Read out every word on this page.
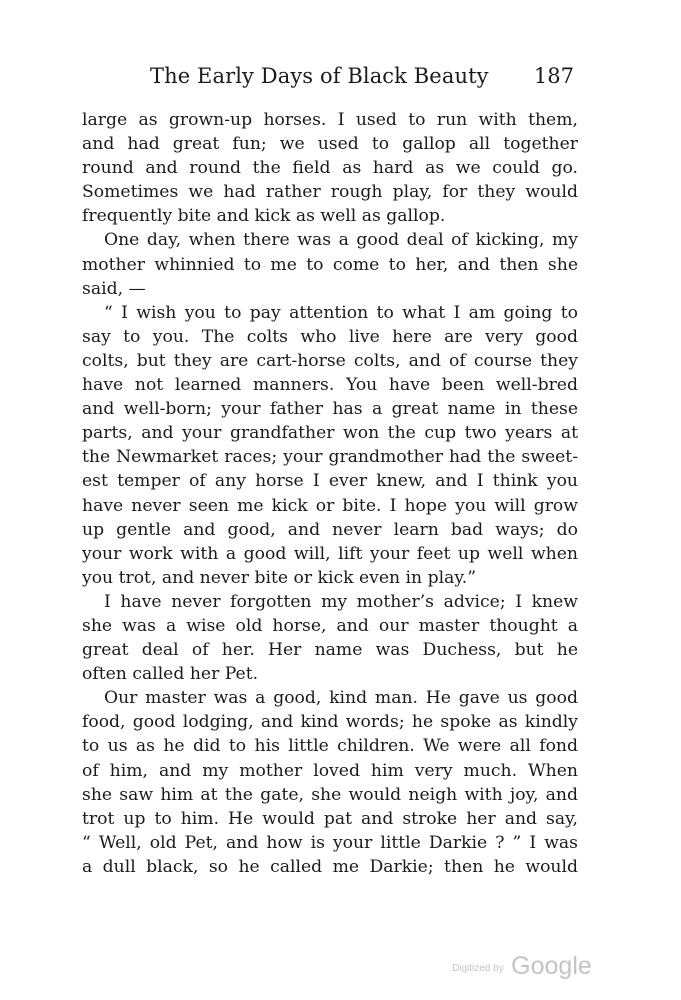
The Early Days of Black Beauty 187
large as grown-up horses. I used to run with them,
and had great fun; we used to gallop all together
round and round the field as hard as we could go.
Sometimes we had rather rough play, for they would
frequently bite and kick as well as gallop.
One day, when there was a good deal of kicking, my
mother whinnied to me to come to her, and then she
said, —
“ I wish you to pay attention to what I am going to
say to you. The colts who live here are very good
colts, but they are cart-horse colts, and of course they
have not learned manners. You have been well-bred
and well-born; your father has a great name in these
parts, and your grandfather won the cup two years at
the Newmarket races; your grandmother had the sweet-
est temper of any horse I ever knew, and I think you
have never seen me kick or bite. I hope you will grow
up gentle and good, and never learn bad ways; do
your work with a good will, lift your feet up well when
you trot, and never bite or kick even in play.”
I have never forgotten my mother’s advice; I knew
she was a wise old horse, and our master thought a
great deal of her. Her name was Duchess, but he
often called her Pet.
Our master was a good, kind man. He gave us good
food, good lodging, and kind words; he spoke as kindly
to us as he did to his little children. We were all fond
of him, and my mother loved him very much. When
she saw him at the gate, she would neigh with joy, and
trot up to him. He would pat and stroke her and say,
“ Well, old Pet, and how is your little Darkie ? ” I was
a dull black, so he called me Darkie; then he would
Digitized by Google
